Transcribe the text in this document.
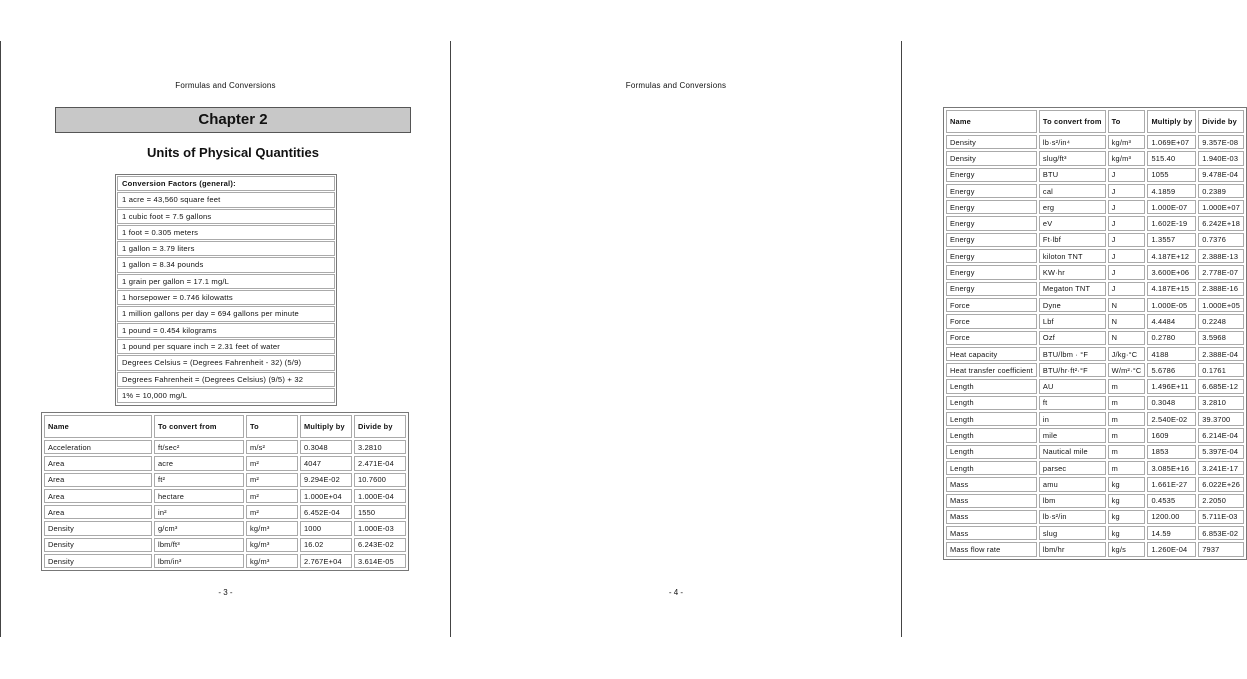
Formulas and Conversions
Chapter 2
Units of Physical Quantities
Conversion Factors (general):
1 acre = 43,560 square feet
1 cubic foot = 7.5 gallons
1 foot = 0.305 meters
1 gallon = 3.79 liters
1 gallon = 8.34 pounds
1 grain per gallon = 17.1 mg/L
1 horsepower = 0.746 kilowatts
1 million gallons per day = 694 gallons per minute
1 pound = 0.454 kilograms
1 pound per square inch = 2.31 feet of water
Degrees Celsius = (Degrees Fahrenheit - 32) (5/9)
Degrees Fahrenheit = (Degrees Celsius) (9/5) + 32
1% = 10,000 mg/L
Name	To convert from	To	Multiply by	Divide by
Acceleration	ft/sec²	m/s²	0.3048	3.2810
Area	acre	m²	4047	2.471E-04
Area	ft²	m²	9.294E-02	10.7600
Area	hectare	m²	1.000E+04	1.000E-04
Area	in²	m²	6.452E-04	1550
Density	g/cm³	kg/m³	1000	1.000E-03
Density	lbm/ft³	kg/m³	16.02	6.243E-02
Density	lbm/in³	kg/m³	2.767E+04	3.614E-05
- 3 -
Formulas and Conversions
Name	To convert from	To	Multiply by	Divide by
Density	lb·s²/in⁴	kg/m³	1.069E+07	9.357E-08
Density	slug/ft³	kg/m³	515.40	1.940E-03
Energy	BTU	J	1055	9.478E-04
Energy	cal	J	4.1859	0.2389
Energy	erg	J	1.000E-07	1.000E+07
Energy	eV	J	1.602E-19	6.242E+18
Energy	Ft·lbf	J	1.3557	0.7376
Energy	kiloton TNT	J	4.187E+12	2.388E-13
Energy	KW·hr	J	3.600E+06	2.778E-07
Energy	Megaton TNT	J	4.187E+15	2.388E-16
Force	Dyne	N	1.000E-05	1.000E+05
Force	Lbf	N	4.4484	0.2248
Force	Ozf	N	0.2780	3.5968
Heat capacity	BTU/lbm · °F	J/kg·°C	4188	2.388E-04
Heat transfer coefficient	BTU/hr·ft²·°F	W/m²·°C	5.6786	0.1761
Length	AU	m	1.496E+11	6.685E-12
Length	ft	m	0.3048	3.2810
Length	in	m	2.540E-02	39.3700
Length	mile	m	1609	6.214E-04
Length	Nautical mile	m	1853	5.397E-04
Length	parsec	m	3.085E+16	3.241E-17
Mass	amu	kg	1.661E-27	6.022E+26
Mass	lbm	kg	0.4535	2.2050
Mass	lb·s²/in	kg	1200.00	5.711E-03
Mass	slug	kg	14.59	6.853E-02
Mass flow rate	lbm/hr	kg/s	1.260E-04	7937
- 4 -
